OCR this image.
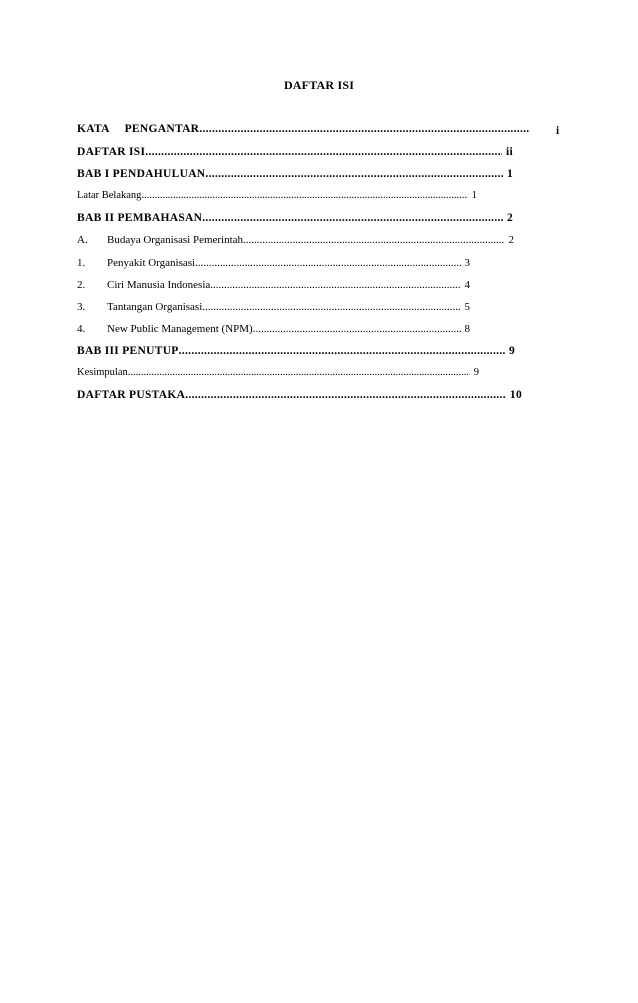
DAFTAR ISI
KATA PENGANTAR .....	i
DAFTAR ISI .....	ii
BAB I PENDAHULUAN .....	1
Latar Belakang .....	1
BAB II PEMBAHASAN .....	2
A.	Budaya Organisasi Pemerintah .....	2
1.	Penyakit Organisasi .....	3
2.	Ciri Manusia Indonesia .....	4
3.	Tantangan Organisasi .....	5
4.	New Public Management (NPM) .....	8
BAB III PENUTUP .....	9
Kesimpulan .....	9
DAFTAR PUSTAKA .....	10
